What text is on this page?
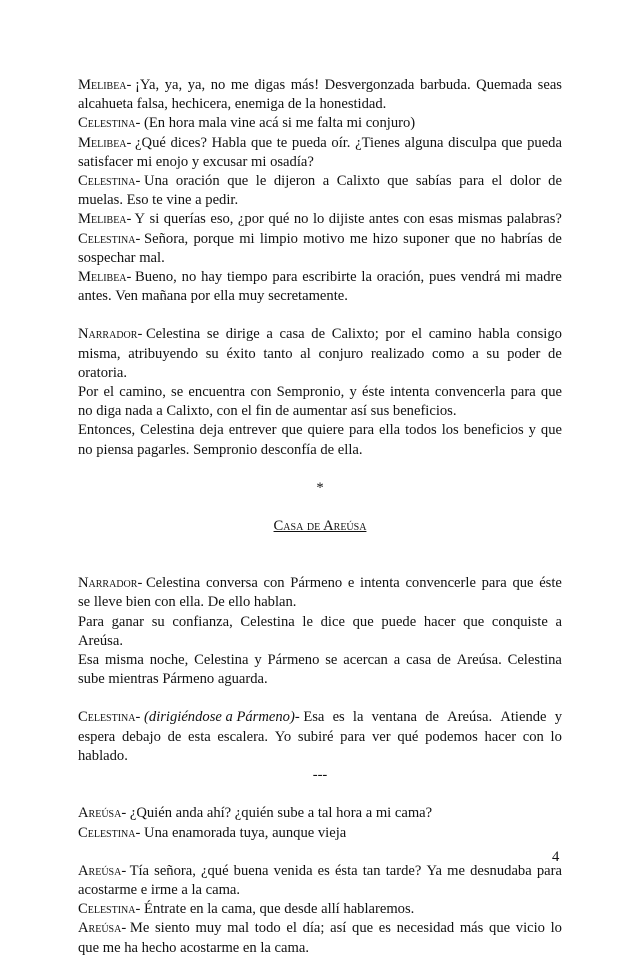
Melibea- ¡Ya, ya, ya, no me digas más! Desvergonzada barbuda. Quemada seas
alcahueta falsa, hechicera, enemiga de la honestidad.
Celestina- (En hora mala vine acá si me falta mi conjuro)
Melibea- ¿Qué dices? Habla que te pueda oír. ¿Tienes alguna disculpa que pueda
satisfacer mi enojo y excusar mi osadía?
Celestina- Una oración que le dijeron a Calixto que sabías para el dolor de
muelas. Eso te vine a pedir.
Melibea- Y si querías eso, ¿por qué no lo dijiste antes con esas mismas palabras?
Celestina- Señora, porque mi limpio motivo me hizo suponer que no habrías de
sospechar mal.
Melibea- Bueno, no hay tiempo para escribirte la oración, pues vendrá mi madre
antes. Ven mañana por ella muy secretamente.
Narrador- Celestina se dirige a casa de Calixto; por el camino habla consigo
misma, atribuyendo su éxito tanto al conjuro realizado como a su poder de
oratoria.
Por el camino, se encuentra con Sempronio, y éste intenta convencerla para que
no diga nada a Calixto, con el fin de aumentar así sus beneficios.
Entonces, Celestina deja entrever que quiere para ella todos los beneficios y que
no piensa pagarles. Sempronio desconfía de ella.
*
Casa de Areúsa
Narrador- Celestina conversa con Pármeno e intenta convencerle para que éste
se lleve bien con ella. De ello hablan.
Para ganar su confianza, Celestina le dice que puede hacer que conquiste a
Areúsa.
Esa misma noche, Celestina y Pármeno se acercan a casa de Areúsa. Celestina
sube mientras Pármeno aguarda.
Celestina- (dirigiéndose a Pármeno)- Esa es la ventana de Areúsa. Atiende y
espera debajo de esta escalera. Yo subiré para ver qué podemos hacer con lo
hablado.
---
Areúsa- ¿Quién anda ahí? ¿quién sube a tal hora a mi cama?
Celestina- Una enamorada tuya, aunque vieja
Areúsa- Tía señora, ¿qué buena venida es ésta tan tarde? Ya me desnudaba para
acostarme e irme a la cama.
Celestina- Éntrate en la cama, que desde allí hablaremos.
Areúsa- Me siento muy mal todo el día; así que es necesidad más que vicio lo
que me ha hecho acostarme en la cama.
4
